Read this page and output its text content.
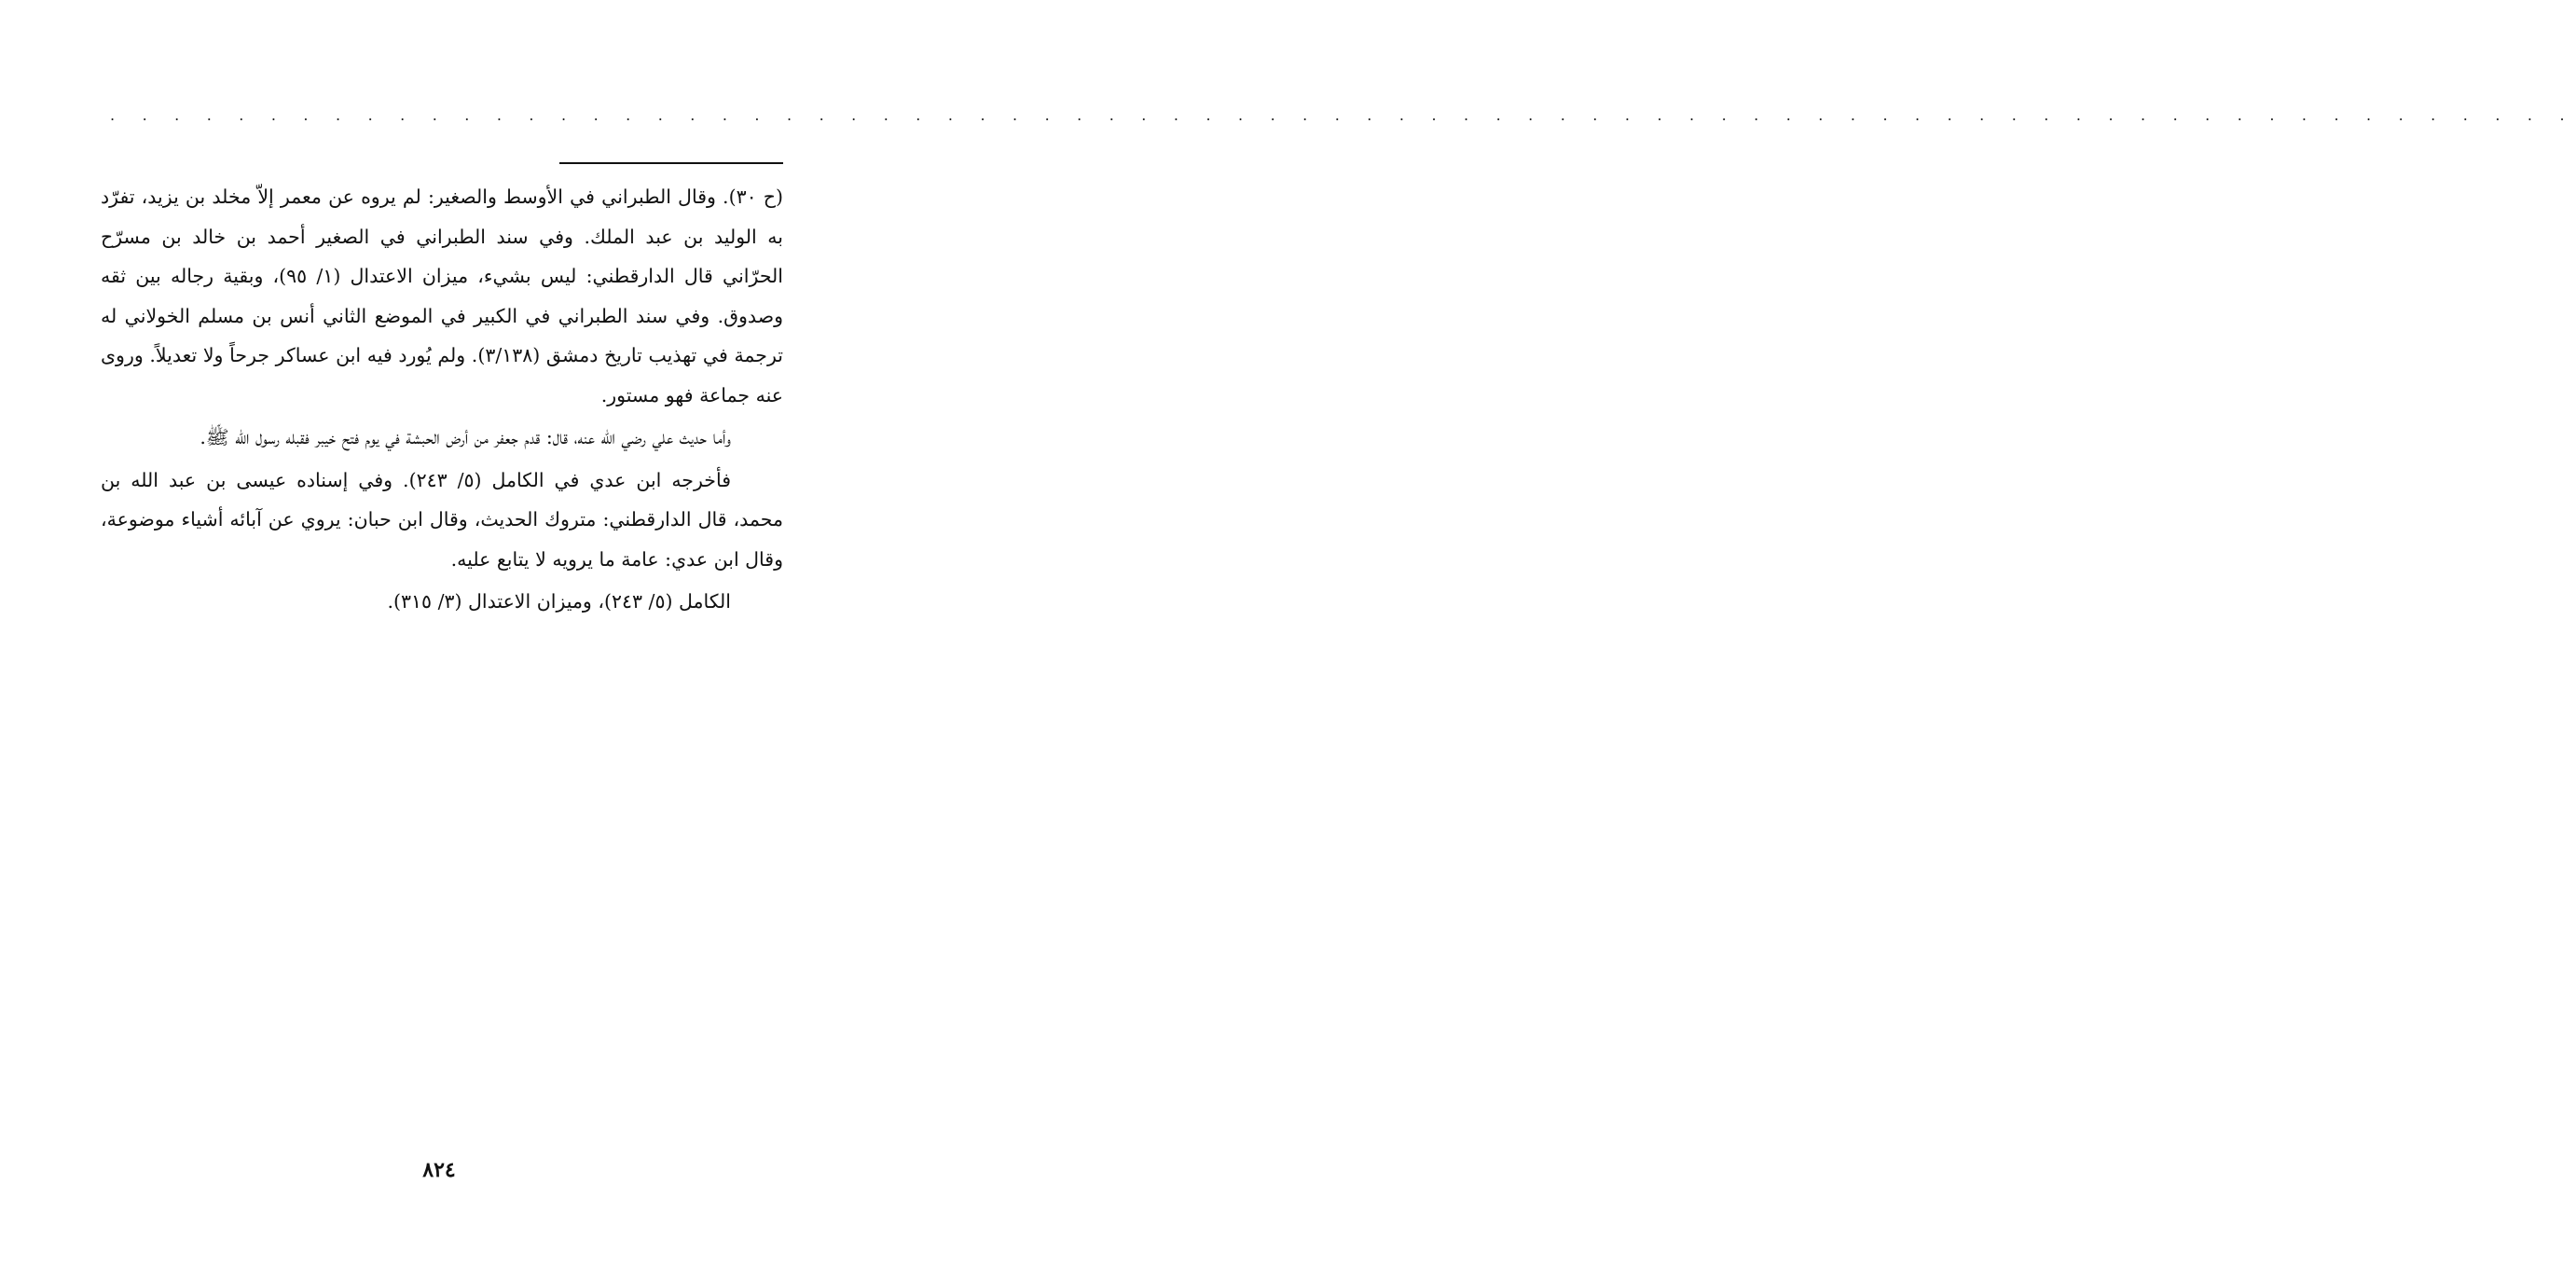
. . . . . . . . . . . . . . . . . . . . . . . . . . . . . . . . . . . . . . . . . . . . . . . . . . . . . . . . . . . . . . . . . . . . . . . . . . . . .

(ح ٣٠). وقال الطبراني في الأوسط والصغير: لم يروه عن معمر إلاّ مخلد بن يزيد، تفرّد به الوليد بن عبد الملك. وفي سند الطبراني في الصغير أحمد بن خالد بن مسرّح الحرّاني قال الدارقطني: ليس بشيء، ميزان الاعتدال (١/ ٩٥)، وبقية رجاله بين ثقه وصدوق. وفي سند الطبراني في الكبير في الموضع الثاني أنس بن مسلم الخولاني له ترجمة في تهذيب تاريخ دمشق (٣/١٣٨). ولم يُورد فيه ابن عساكر جرحاً ولا تعديلاً. وروى عنه جماعة فهو مستور.

وأما حديث علي رضي الله عنه، قال: قدم جعفر من أرض الحبشة في يوم فتح خيبر فقبله رسول الله ﷺ.

فأخرجه ابن عدي في الكامل (٥/ ٢٤٣). وفي إسناده عيسى بن عبد الله بن محمد، قال الدارقطني: متروك الحديث، وقال ابن حبان: يروي عن آبائه أشياء موضوعة، وقال ابن عدي: عامة ما يرويه لا يتابع عليه.

الكامل (٥/ ٢٤٣)، وميزان الاعتدال (٣/ ٣١٥).

٨٢٤
